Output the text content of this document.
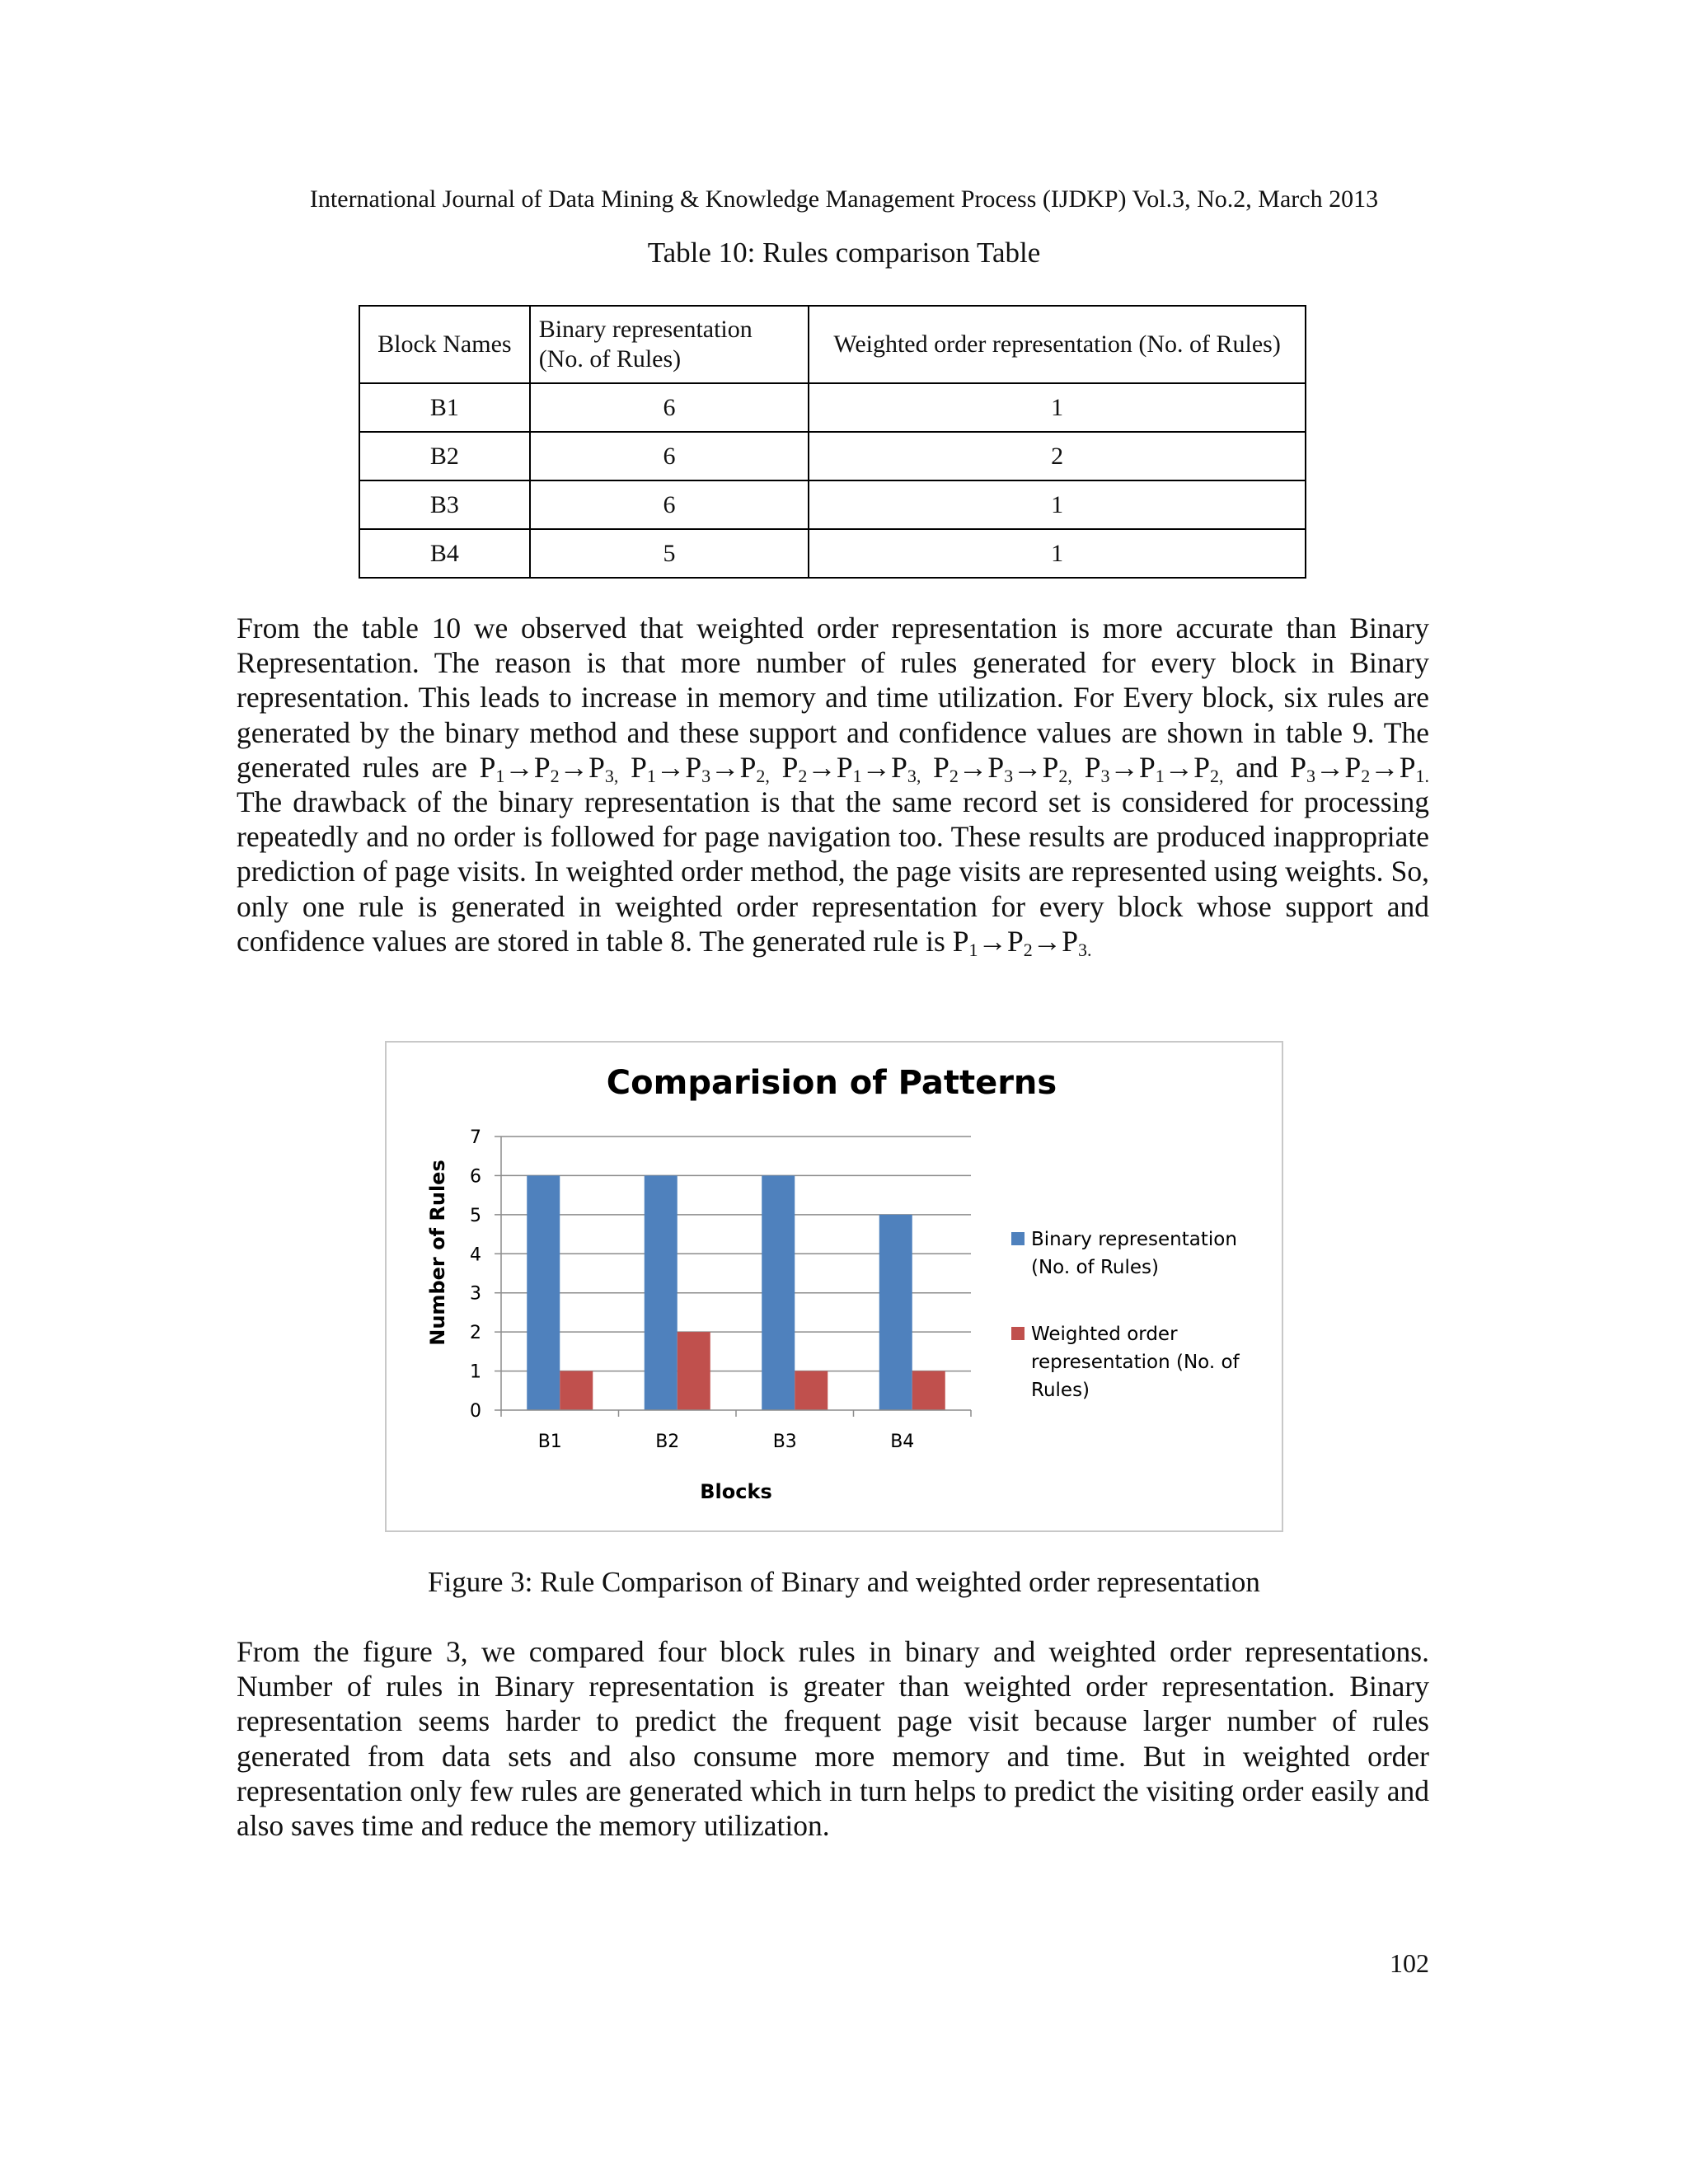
International Journal of Data Mining & Knowledge Management Process (IJDKP) Vol.3, No.2, March 2013
Table 10: Rules comparison Table
Block Names	Binary representation (No. of Rules)	Weighted order representation (No. of Rules)
B1	6	1
B2	6	2
B3	6	1
B4	5	1

From the table 10 we observed that weighted order representation is more accurate than Binary Representation. The reason is that more number of rules generated for every block in Binary representation. This leads to increase in memory and time utilization. For Every block, six rules are generated by the binary method and these support and confidence values are shown in table 9. The generated rules are $P_1\to P_2\to P_{3,}$ $P_1\to P_3\to P_{2,}$ $P_2\to P_1\to P_{3,}$ $P_2\to P_3\to P_{2,}$ $P_3\to P_1\to P_{2,}$ and $P_3\to P_2\to P_{1.}$ The drawback of the binary representation is that the same record set is considered for processing repeatedly and no order is followed for page navigation too. These results are produced inappropriate prediction of page visits. In weighted order method, the page visits are represented using weights. So, only one rule is generated in weighted order representation for every block whose support and confidence values are stored in table 8. The generated rule is $P_1\to P_2\to P_{3.}$

Comparision of Patterns
Number of Rules
Blocks
0
1
2
3
4
5
6
7
B1	B2	B3	B4
Binary representation
(No. of Rules)
Weighted order
representation (No. of
Rules)
Figure 3: Rule Comparison of Binary and weighted order representation

From the figure 3, we compared four block rules in binary and weighted order representations. Number of rules in Binary representation is greater than weighted order representation. Binary representation seems harder to predict the frequent page visit because larger number of rules generated from data sets and also consume more memory and time. But in weighted order representation only few rules are generated which in turn helps to predict the visiting order easily and also saves time and reduce the memory utilization.

102
